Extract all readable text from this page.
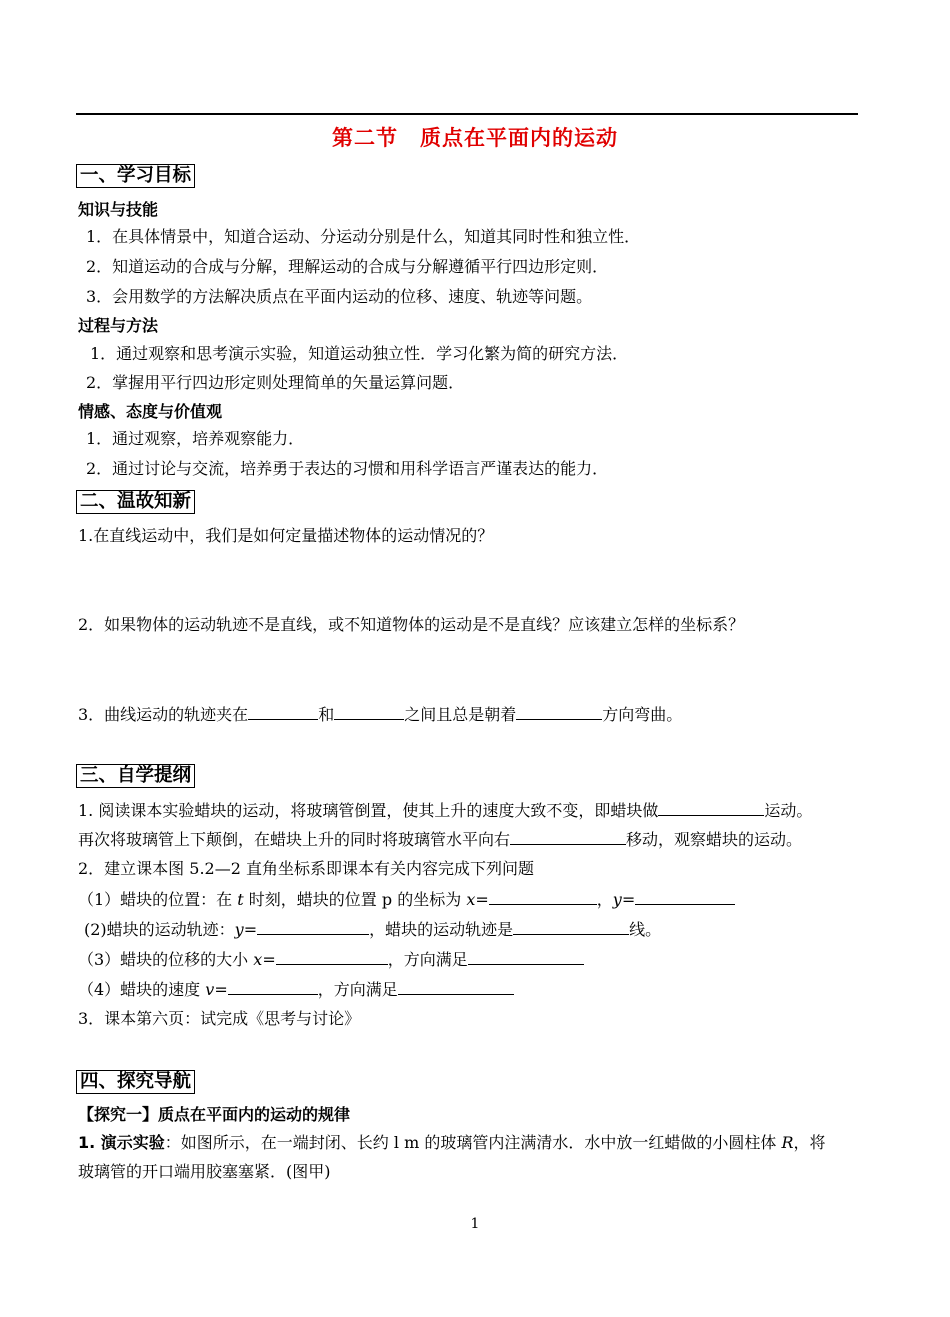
第二节　质点在平面内的运动
一、学习目标
知识与技能
1．在具体情景中，知道合运动、分运动分别是什么，知道其同时性和独立性．
2．知道运动的合成与分解，理解运动的合成与分解遵循平行四边形定则．
3．会用数学的方法解决质点在平面内运动的位移、速度、轨迹等问题。
过程与方法
1．通过观察和思考演示实验，知道运动独立性．学习化繁为简的研究方法．
2．掌握用平行四边形定则处理简单的矢量运算问题．
情感、态度与价值观
1．通过观察，培养观察能力．
2．通过讨论与交流，培养勇于表达的习惯和用科学语言严谨表达的能力．
二、温故知新
1.在直线运动中，我们是如何定量描述物体的运动情况的？
2．如果物体的运动轨迹不是直线，或不知道物体的运动是不是直线？应该建立怎样的坐标系？
3．曲线运动的轨迹夹在	和	之间且总是朝着	方向弯曲。
三、自学提纲
1. 阅读课本实验蜡块的运动，将玻璃管倒置，使其上升的速度大致不变，即蜡块做	运动。
再次将玻璃管上下颠倒，在蜡块上升的同时将玻璃管水平向右	移动，观察蜡块的运动。
2．建立课本图 5.2—2 直角坐标系即课本有关内容完成下列问题
（1）蜡块的位置：在 t 时刻，蜡块的位置 p 的坐标为 x=	，y=
(2)蜡块的运动轨迹：y=	，蜡块的运动轨迹是	线。
（3）蜡块的位移的大小 x=	，方向满足
（4）蜡块的速度 v=	，方向满足
3．课本第六页：试完成《思考与讨论》
四、探究导航
【探究一】质点在平面内的运动的规律
1. 演示实验：如图所示，在一端封闭、长约 l m 的玻璃管内注满清水．水中放一红蜡做的小圆柱体 R，将
玻璃管的开口端用胶塞塞紧．(图甲)
1
